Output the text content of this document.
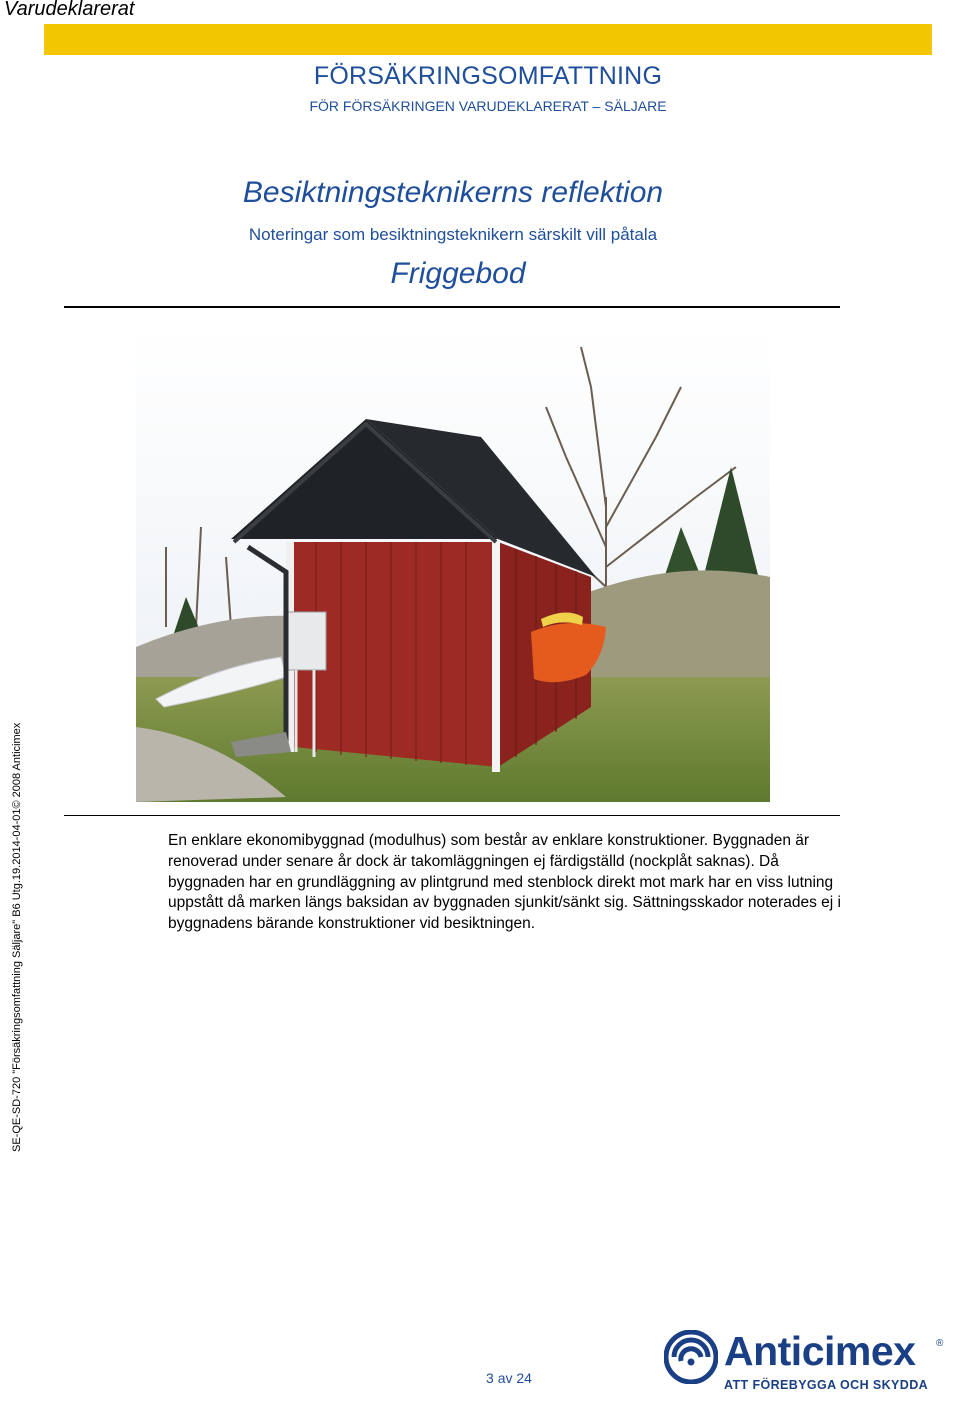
Varudeklarerat
FÖRSÄKRINGSOMFATTNING
FÖR FÖRSÄKRINGEN VARUDEKLARERAT – SÄLJARE
Besiktningsteknikerns reflektion
Noteringar som besiktningsteknikern särskilt vill påtala
Friggebod

En enklare ekonomibyggnad (modulhus) som består av enklare konstruktioner. Byggnaden är renoverad under senare år dock är takomläggningen ej färdigställd (nockplåt saknas). Då byggnaden har en grundläggning av plintgrund med stenblock direkt mot mark har en viss lutning uppstått då marken längs baksidan av byggnaden sjunkit/sänkt sig. Sättningsskador noterades ej i byggnadens bärande konstruktioner vid besiktningen.

SE-QE-SD-720 "Försäkringsomfattning Säljare" B6 Utg.19.2014-04-01© 2008 Anticimex
3 av 24
Anticimex ®
ATT FÖREBYGGA OCH SKYDDA
